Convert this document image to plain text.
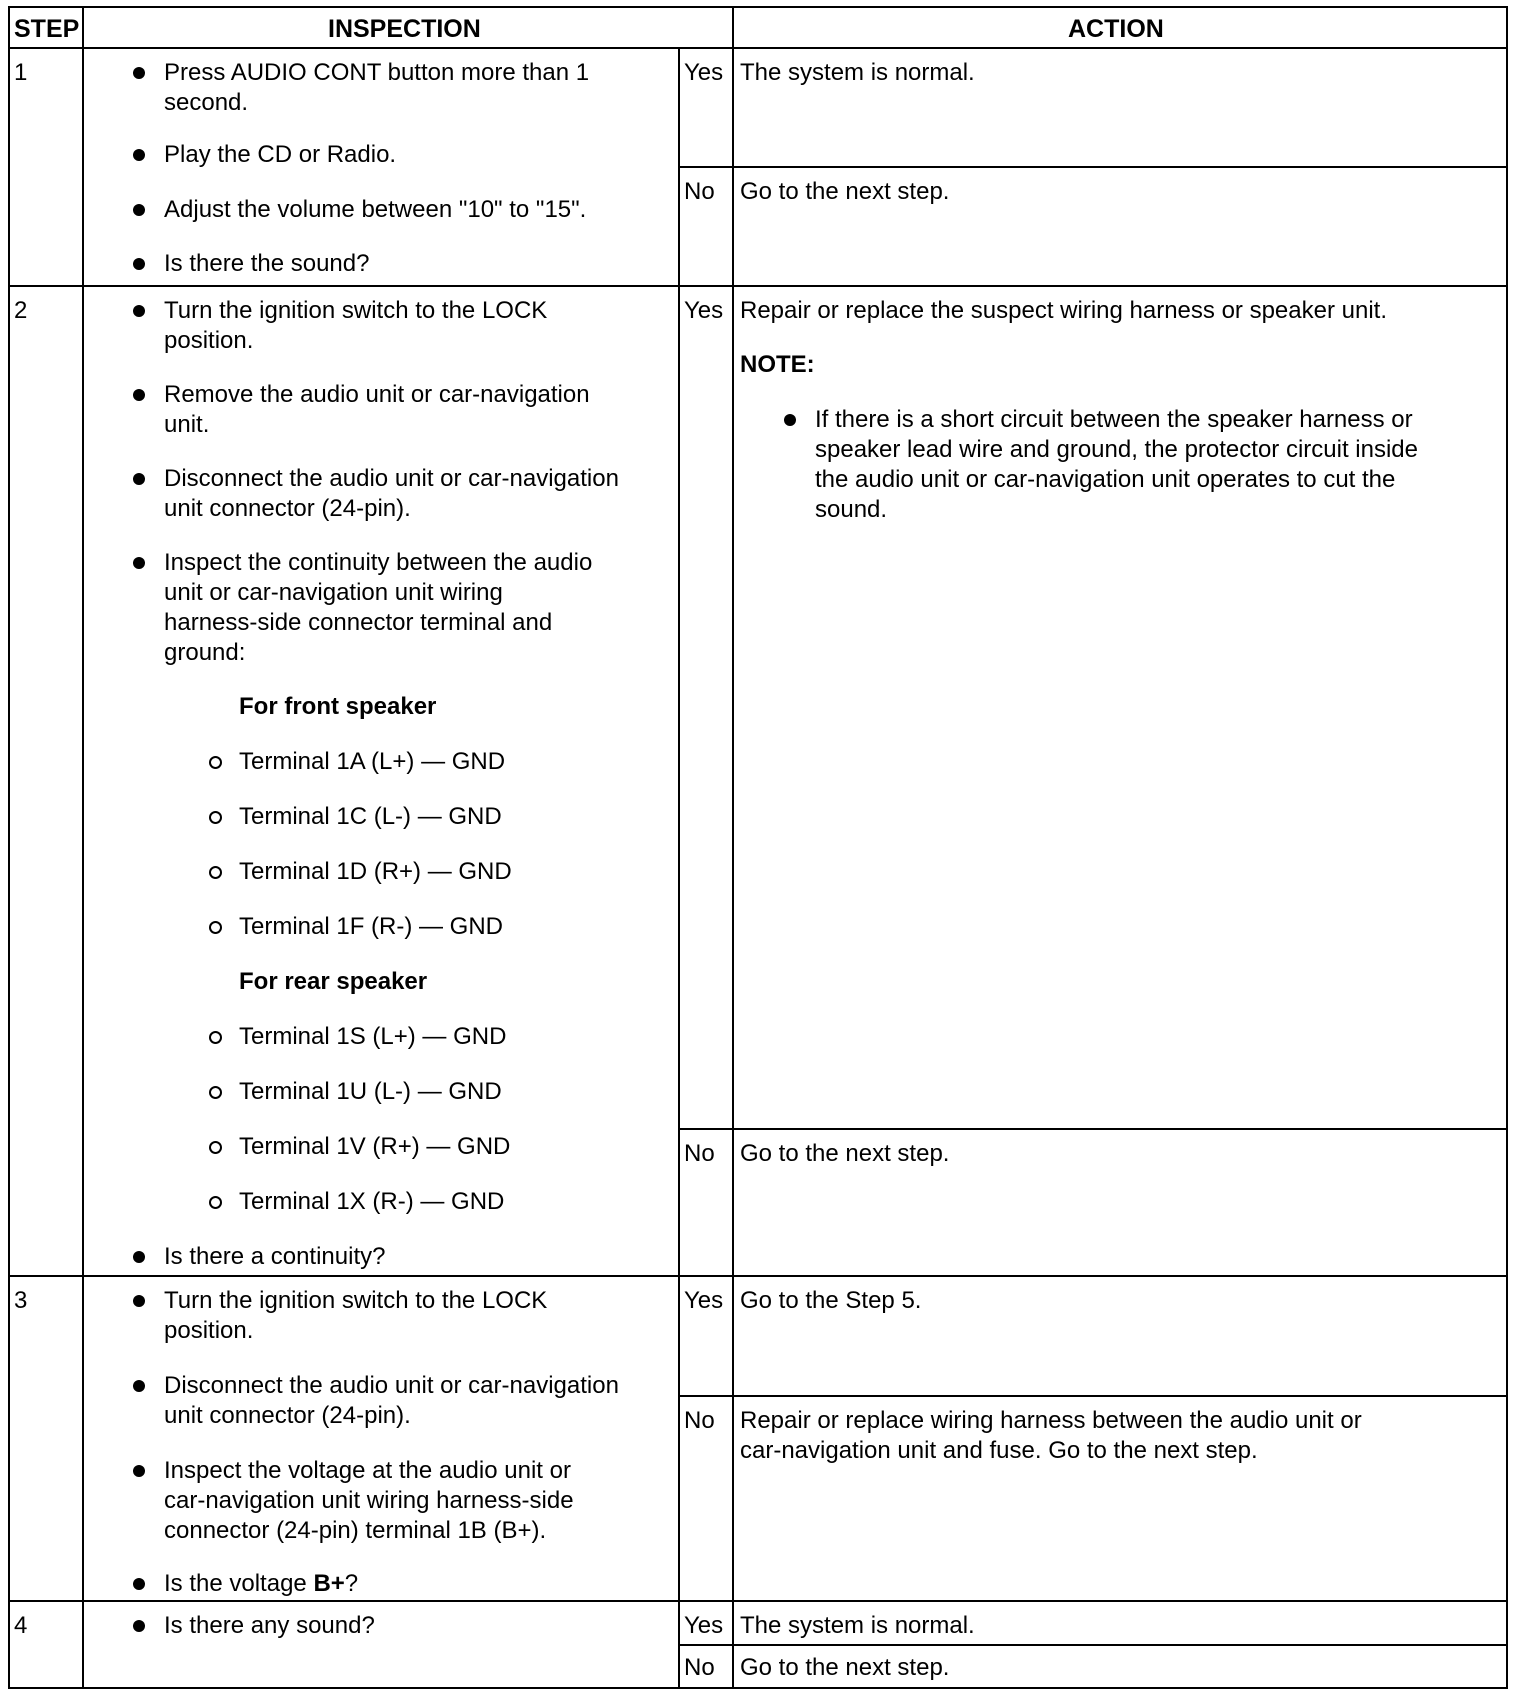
STEP	INSPECTION	ACTION
1	Press AUDIO CONT button more than 1
second.
Play the CD or Radio.
Adjust the volume between "10" to "15".
Is there the sound?
Yes The system is normal.
No Go to the next step.
2	Turn the ignition switch to the LOCK
position.
Remove the audio unit or car-navigation
unit.
Disconnect the audio unit or car-navigation
unit connector (24-pin).
Inspect the continuity between the audio
unit or car-navigation unit wiring
harness-side connector terminal and
ground:
For front speaker
Terminal 1A (L+) — GND
Terminal 1C (L-) — GND
Terminal 1D (R+) — GND
Terminal 1F (R-) — GND
For rear speaker
Terminal 1S (L+) — GND
Terminal 1U (L-) — GND
Terminal 1V (R+) — GND
Terminal 1X (R-) — GND
Is there a continuity?
Yes Repair or replace the suspect wiring harness or speaker unit.
NOTE:
If there is a short circuit between the speaker harness or
speaker lead wire and ground, the protector circuit inside
the audio unit or car-navigation unit operates to cut the
sound.
No Go to the next step.
3	Turn the ignition switch to the LOCK
position.
Disconnect the audio unit or car-navigation
unit connector (24-pin).
Inspect the voltage at the audio unit or
car-navigation unit wiring harness-side
connector (24-pin) terminal 1B (B+).
Is the voltage B+?
Yes Go to the Step 5.
No Repair or replace wiring harness between the audio unit or
car-navigation unit and fuse. Go to the next step.
4	Is there any sound?	Yes The system is normal.
No Go to the next step.
